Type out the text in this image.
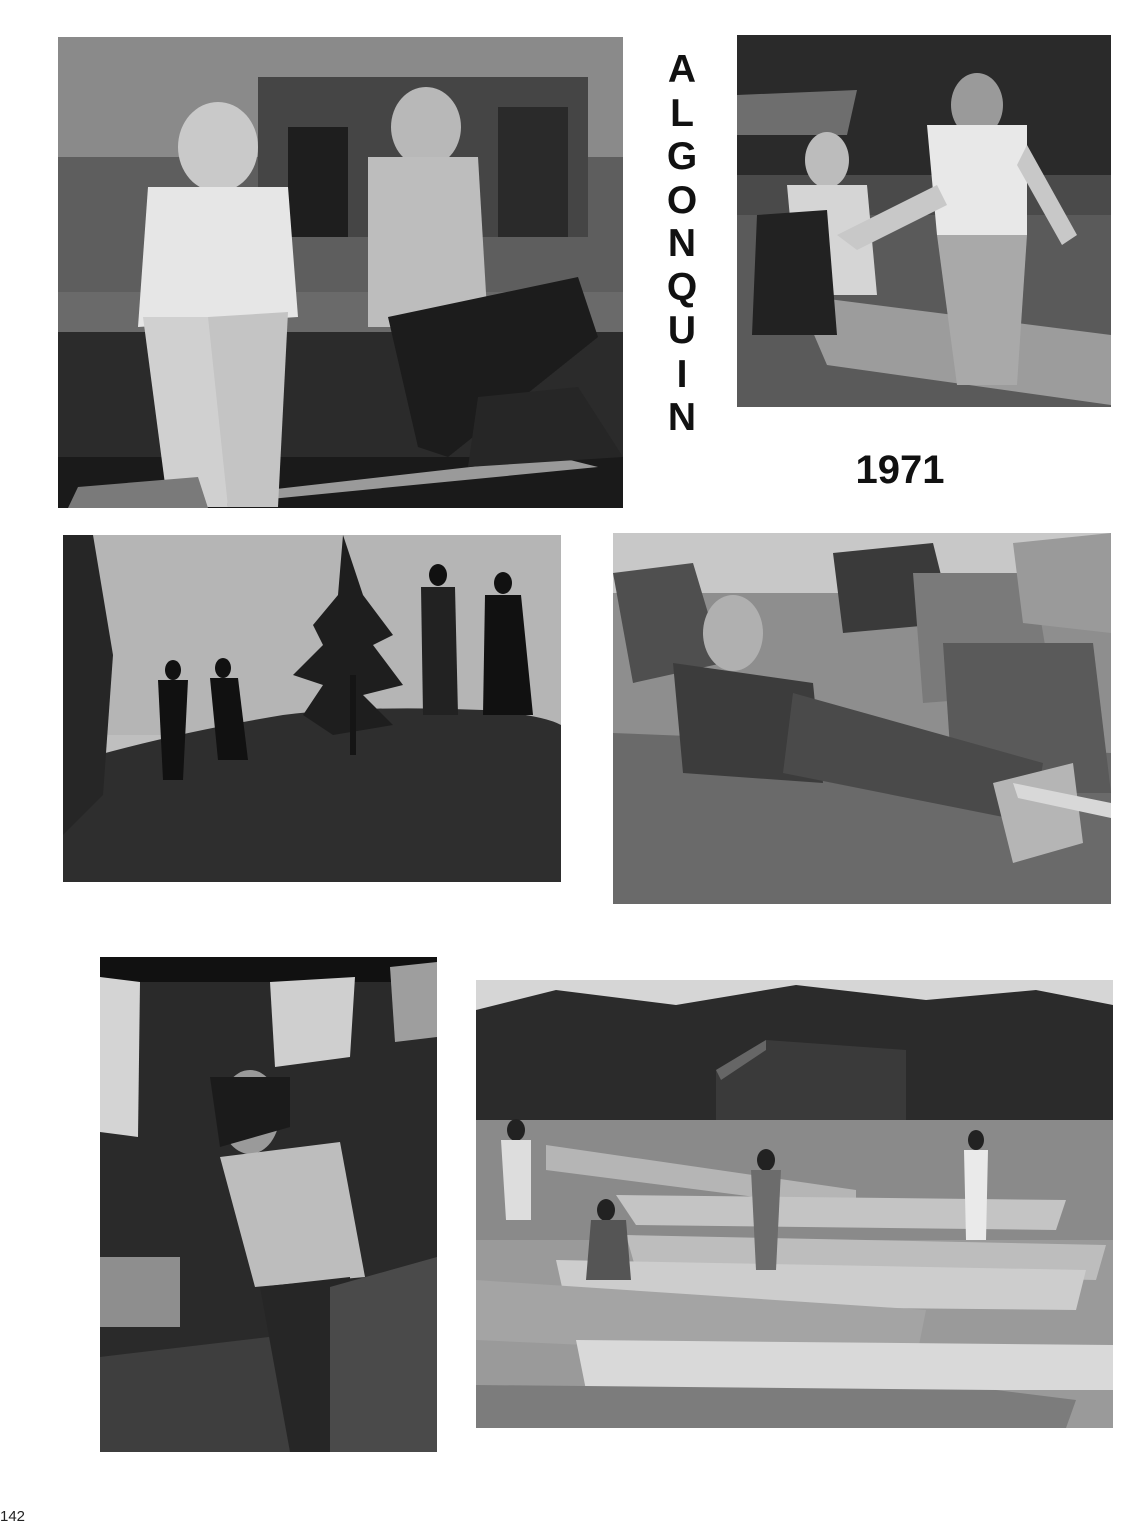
A
L
G
O
N
Q
U
I
N
1971
142
